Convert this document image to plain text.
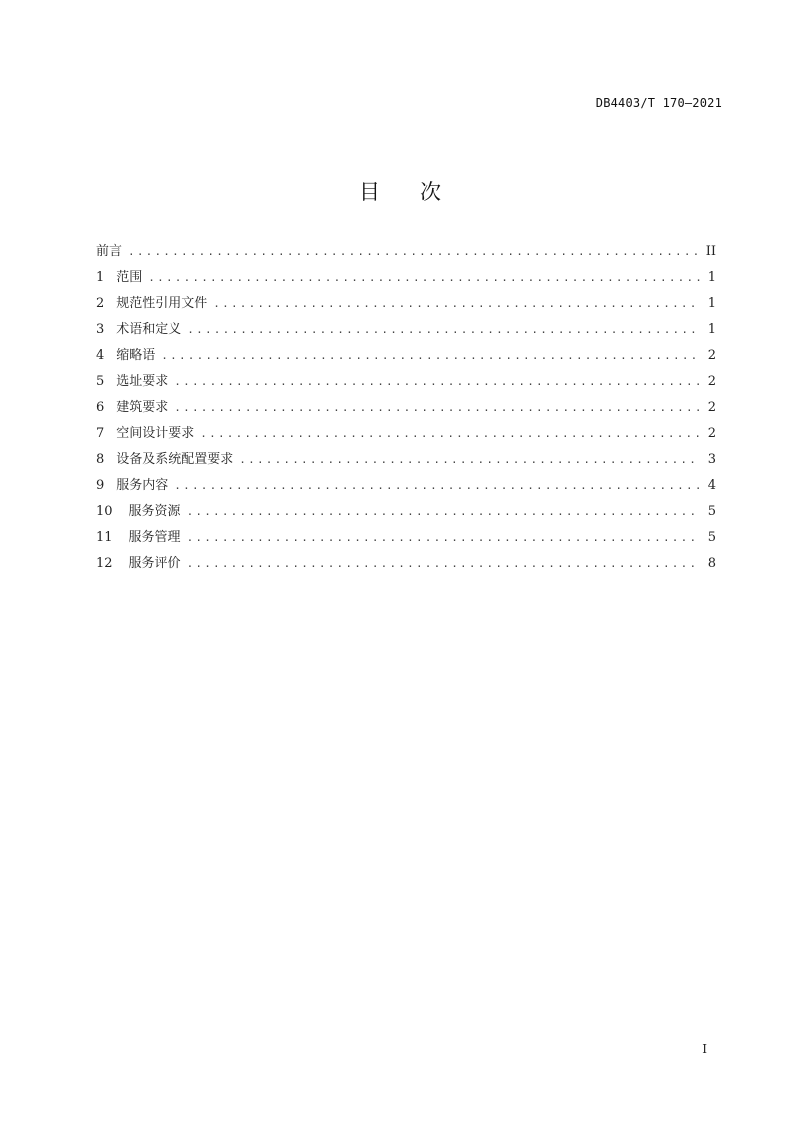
DB4403/T 170—2021
目 次
前言 .....	II
1 范围 .....	1
2 规范性引用文件 .....	1
3 术语和定义 .....	1
4 缩略语 .....	2
5 选址要求 .....	2
6 建筑要求 .....	2
7 空间设计要求 .....	2
8 设备及系统配置要求 .....	3
9 服务内容 .....	4
10 服务资源 .....	5
11 服务管理 .....	5
12 服务评价 .....	8
I
